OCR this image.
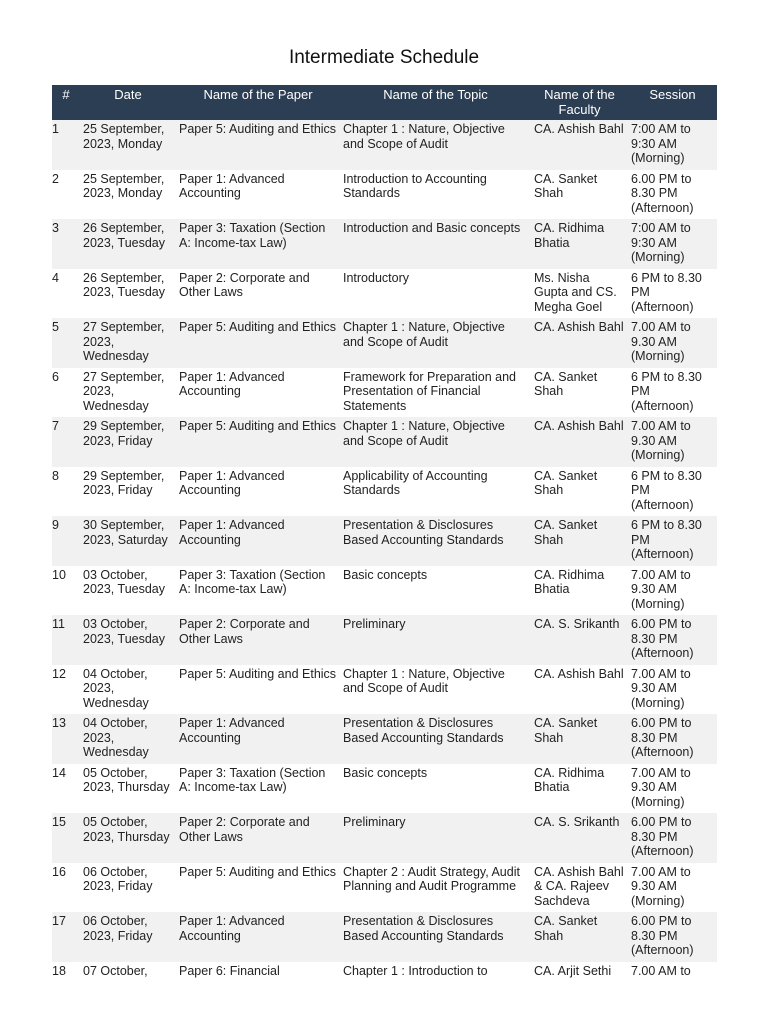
Intermediate Schedule
#	Date	Name of the Paper	Name of the Topic	Name of the Faculty	Session
1	25 September, 2023, Monday	Paper 5: Auditing and Ethics	Chapter 1 : Nature, Objective and Scope of Audit	CA. Ashish Bahl	7:00 AM to 9:30 AM (Morning)
2	25 September, 2023, Monday	Paper 1: Advanced Accounting	Introduction to Accounting Standards	CA. Sanket Shah	6.00 PM to 8.30 PM (Afternoon)
3	26 September, 2023, Tuesday	Paper 3: Taxation (Section A: Income-tax Law)	Introduction and Basic concepts	CA. Ridhima Bhatia	7:00 AM to 9:30 AM (Morning)
4	26 September, 2023, Tuesday	Paper 2: Corporate and Other Laws	Introductory	Ms. Nisha Gupta and CS. Megha Goel	6 PM to 8.30 PM (Afternoon)
5	27 September, 2023, Wednesday	Paper 5: Auditing and Ethics	Chapter 1 : Nature, Objective and Scope of Audit	CA. Ashish Bahl	7.00 AM to 9.30 AM (Morning)
6	27 September, 2023, Wednesday	Paper 1: Advanced Accounting	Framework for Preparation and Presentation of Financial Statements	CA. Sanket Shah	6 PM to 8.30 PM (Afternoon)
7	29 September, 2023, Friday	Paper 5: Auditing and Ethics	Chapter 1 : Nature, Objective and Scope of Audit	CA. Ashish Bahl	7.00 AM to 9.30 AM (Morning)
8	29 September, 2023, Friday	Paper 1: Advanced Accounting	Applicability of Accounting Standards	CA. Sanket Shah	6 PM to 8.30 PM (Afternoon)
9	30 September, 2023, Saturday	Paper 1: Advanced Accounting	Presentation & Disclosures Based Accounting Standards	CA. Sanket Shah	6 PM to 8.30 PM (Afternoon)
10	03 October, 2023, Tuesday	Paper 3: Taxation (Section A: Income-tax Law)	Basic concepts	CA. Ridhima Bhatia	7.00 AM to 9.30 AM (Morning)
11	03 October, 2023, Tuesday	Paper 2: Corporate and Other Laws	Preliminary	CA. S. Srikanth	6.00 PM to 8.30 PM (Afternoon)
12	04 October, 2023, Wednesday	Paper 5: Auditing and Ethics	Chapter 1 : Nature, Objective and Scope of Audit	CA. Ashish Bahl	7.00 AM to 9.30 AM (Morning)
13	04 October, 2023, Wednesday	Paper 1: Advanced Accounting	Presentation & Disclosures Based Accounting Standards	CA. Sanket Shah	6.00 PM to 8.30 PM (Afternoon)
14	05 October, 2023, Thursday	Paper 3: Taxation (Section A: Income-tax Law)	Basic concepts	CA. Ridhima Bhatia	7.00 AM to 9.30 AM (Morning)
15	05 October, 2023, Thursday	Paper 2: Corporate and Other Laws	Preliminary	CA. S. Srikanth	6.00 PM to 8.30 PM (Afternoon)
16	06 October, 2023, Friday	Paper 5: Auditing and Ethics	Chapter 2 : Audit Strategy, Audit Planning and Audit Programme	CA. Ashish Bahl & CA. Rajeev Sachdeva	7.00 AM to 9.30 AM (Morning)
17	06 October, 2023, Friday	Paper 1: Advanced Accounting	Presentation & Disclosures Based Accounting Standards	CA. Sanket Shah	6.00 PM to 8.30 PM (Afternoon)
18	07 October,	Paper 6: Financial	Chapter 1 : Introduction to	CA. Arjit Sethi	7.00 AM to
